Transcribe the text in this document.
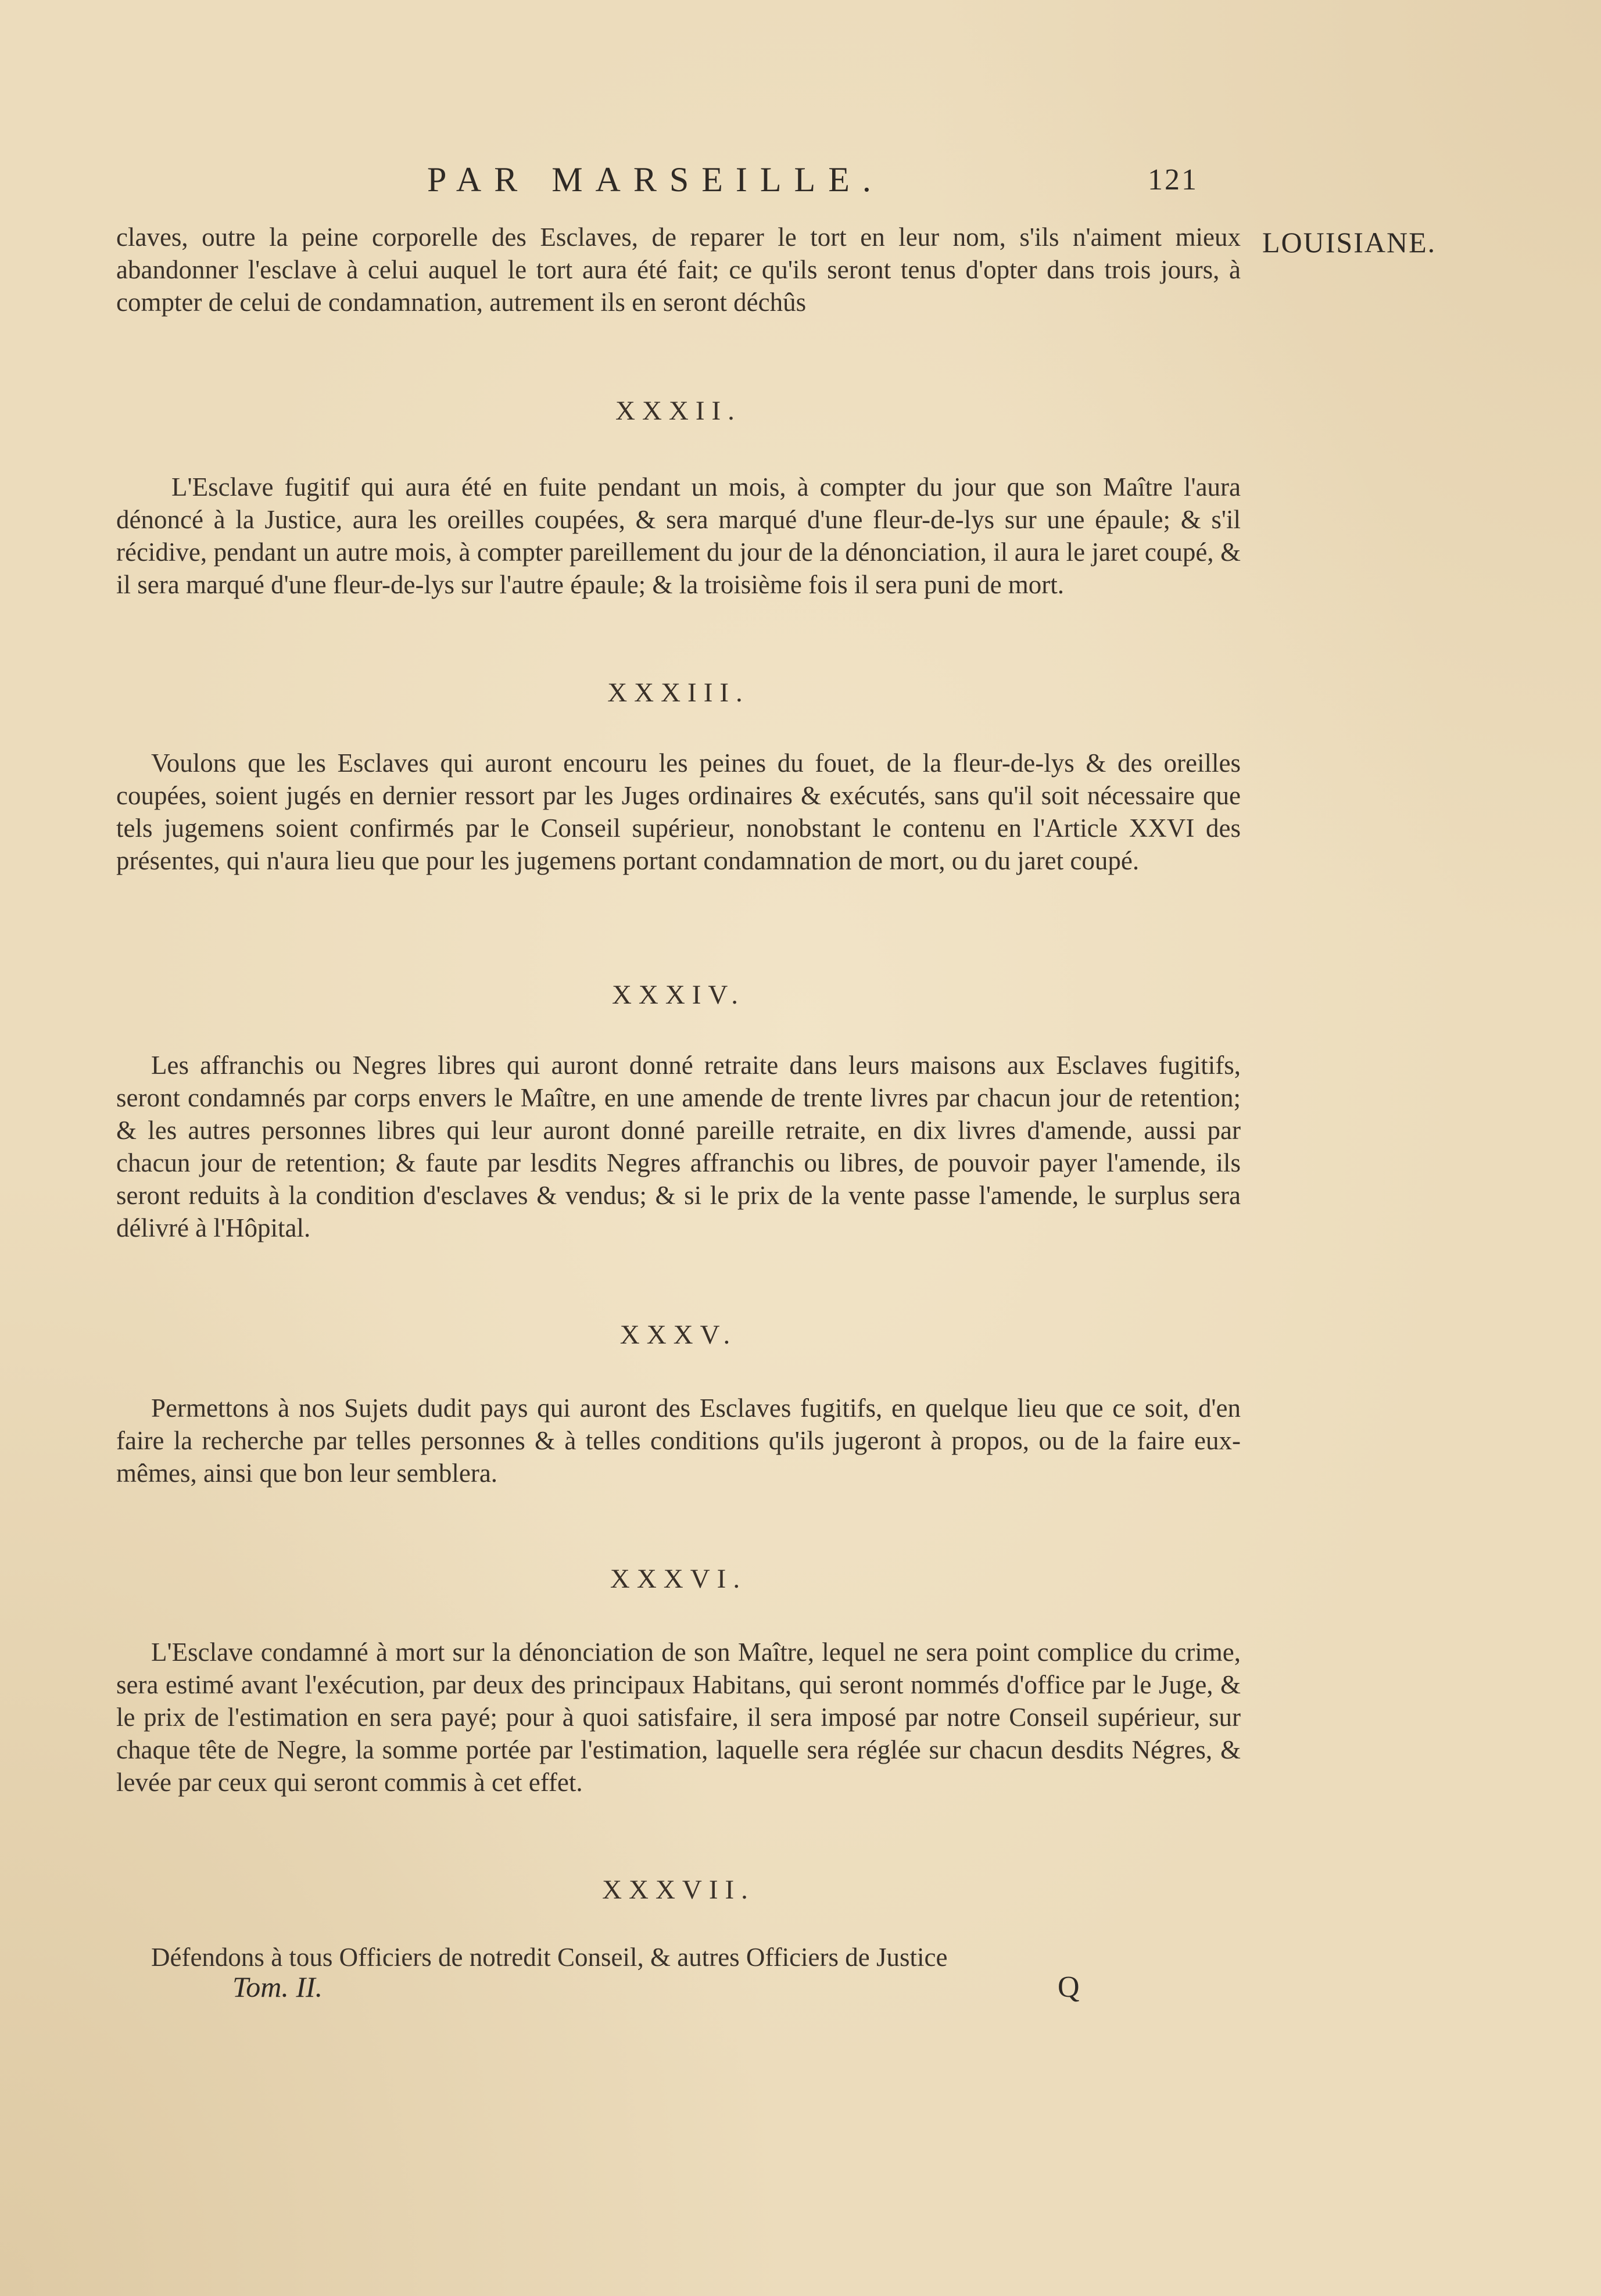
PAR MARSEILLE.	121
LOUISIANE.
claves, outre la peine corporelle des Esclaves, de reparer le tort en leur nom, s'ils n'aiment mieux abandonner l'esclave à celui auquel le tort aura été fait; ce qu'ils seront tenus d'opter dans trois jours, à compter de celui de condamnation, autrement ils en seront déchûs
XXXII.
L'Esclave fugitif qui aura été en fuite pendant un mois, à compter du jour que son Maître l'aura dénoncé à la Justice, aura les oreilles coupées, & sera marqué d'une fleur-de-lys sur une épaule; & s'il récidive, pendant un autre mois, à compter pareillement du jour de la dénonciation, il aura le jaret coupé, & il sera marqué d'une fleur-de-lys sur l'autre épaule; & la troisième fois il sera puni de mort.
XXXIII.
Voulons que les Esclaves qui auront encouru les peines du fouet, de la fleur-de-lys & des oreilles coupées, soient jugés en dernier ressort par les Juges ordinaires & exécutés, sans qu'il soit nécessaire que tels jugemens soient confirmés par le Conseil supérieur, nonobstant le contenu en l'Article XXVI des présentes, qui n'aura lieu que pour les jugemens portant condamnation de mort, ou du jaret coupé.
XXXIV.
Les affranchis ou Negres libres qui auront donné retraite dans leurs maisons aux Esclaves fugitifs, seront condamnés par corps envers le Maître, en une amende de trente livres par chacun jour de retention; & les autres personnes libres qui leur auront donné pareille retraite, en dix livres d'amende, aussi par chacun jour de retention; & faute par lesdits Negres affranchis ou libres, de pouvoir payer l'amende, ils seront reduits à la condition d'esclaves & vendus; & si le prix de la vente passe l'amende, le surplus sera délivré à l'Hôpital.
XXXV.
Permettons à nos Sujets dudit pays qui auront des Esclaves fugitifs, en quelque lieu que ce soit, d'en faire la recherche par telles personnes & à telles conditions qu'ils jugeront à propos, ou de la faire eux-mêmes, ainsi que bon leur semblera.
XXXVI.
L'Esclave condamné à mort sur la dénonciation de son Maître, lequel ne sera point complice du crime, sera estimé avant l'exécution, par deux des principaux Habitans, qui seront nommés d'office par le Juge, & le prix de l'estimation en sera payé; pour à quoi satisfaire, il sera imposé par notre Conseil supérieur, sur chaque tête de Negre, la somme portée par l'estimation, laquelle sera réglée sur chacun desdits Négres, & levée par ceux qui seront commis à cet effet.
XXXVII.
Défendons à tous Officiers de notredit Conseil, & autres Officiers de Justice
Tom. II.	Q
